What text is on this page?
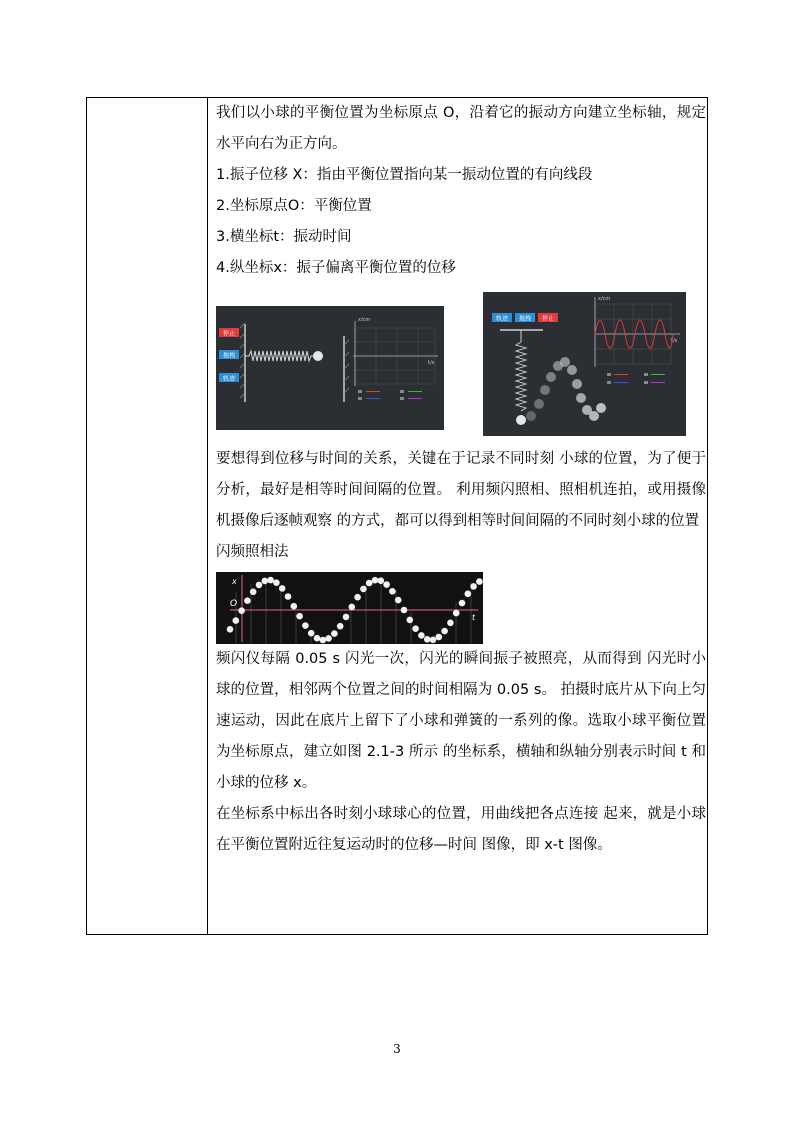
我们以小球的平衡位置为坐标原点 O，沿着它的振动方向建立坐标轴，规定水平向右为正方向。

1.振子位移 X：指由平衡位置指向某一振动位置的有向线段

2.坐标原点O：平衡位置

3.横坐标t：振动时间

4.纵坐标x：振子偏离平衡位置的位移

停止
拖拽
轨迹
x/cm
t/s
轨迹 拖拽 停止
x/cm
t/s

要想得到位移与时间的关系，关键在于记录不同时刻 小球的位置，为了便于分析，最好是相等时间间隔的位置。 利用频闪照相、照相机连拍，或用摄像机摄像后逐帧观察 的方式，都可以得到相等时间间隔的不同时刻小球的位置

闪频照相法

x
O
t

频闪仪每隔 0.05 s 闪光一次，闪光的瞬间振子被照亮，从而得到 闪光时小球的位置，相邻两个位置之间的时间相隔为 0.05 s。 拍摄时底片从下向上匀速运动，因此在底片上留下了小球和弹簧的一系列的像。选取小球平衡位置为坐标原点，建立如图 2.1-3 所示 的坐标系，横轴和纵轴分别表示时间 t 和小球的位移 x。

在坐标系中标出各时刻小球球心的位置，用曲线把各点连接 起来，就是小球在平衡位置附近往复运动时的位移—时间 图像，即 x-t 图像。

3
